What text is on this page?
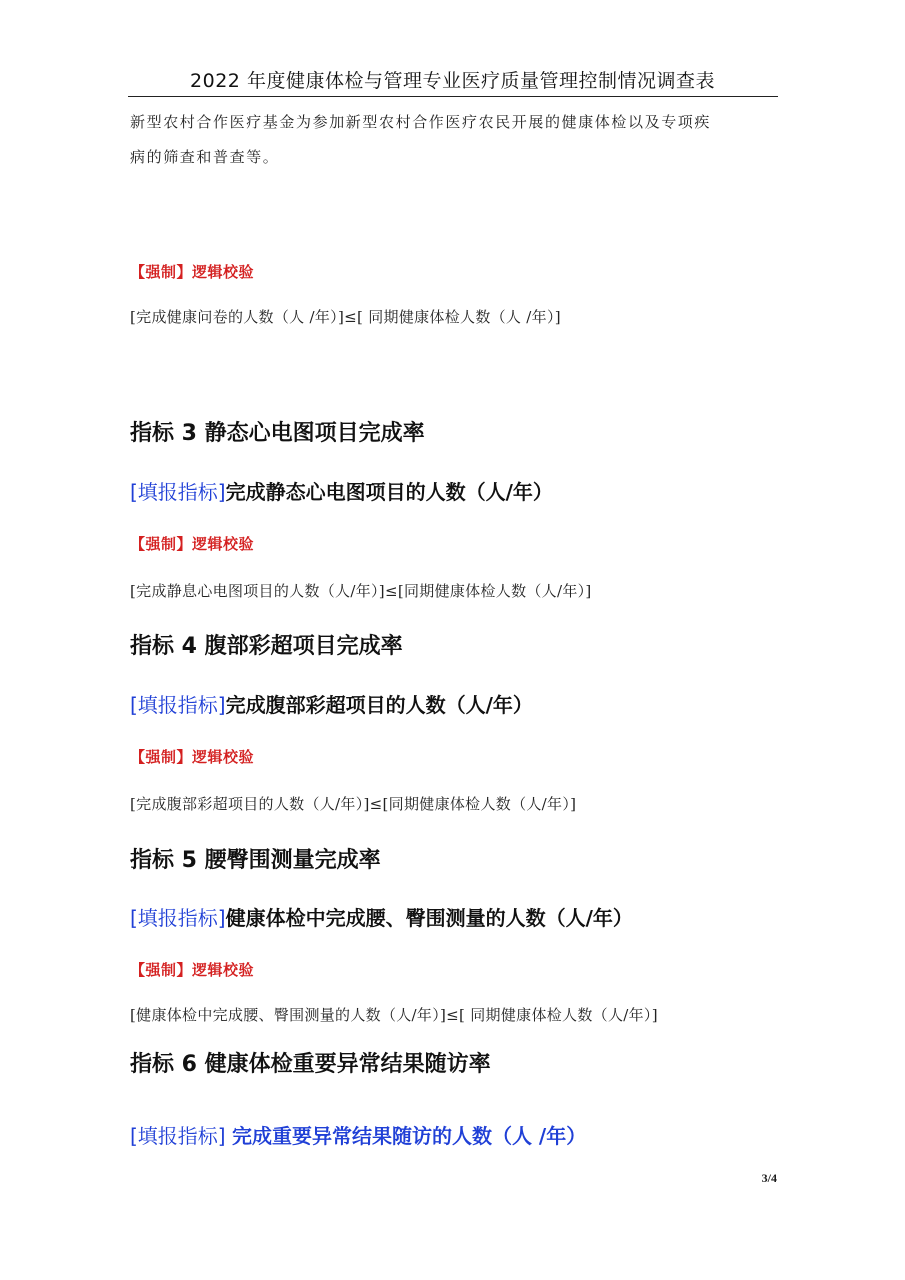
2022 年度健康体检与管理专业医疗质量管理控制情况调查表
新型农村合作医疗基金为参加新型农村合作医疗农民开展的健康体检以及专项疾
病的筛查和普查等。
【强制】逻辑校验
[完成健康问卷的人数（人 /年）]≤[ 同期健康体检人数（人 /年）]
指标 3 静态心电图项目完成率
[填报指标]完成静态心电图项目的人数（人/年）
【强制】逻辑校验
[完成静息心电图项目的人数（人/年）]≤[同期健康体检人数（人/年）]
指标 4 腹部彩超项目完成率
[填报指标]完成腹部彩超项目的人数（人/年）
【强制】逻辑校验
[完成腹部彩超项目的人数（人/年）]≤[同期健康体检人数（人/年）]
指标 5 腰臀围测量完成率
[填报指标]健康体检中完成腰、臀围测量的人数（人/年）
【强制】逻辑校验
[健康体检中完成腰、臀围测量的人数（人/年）]≤[ 同期健康体检人数（人/年）]
指标 6 健康体检重要异常结果随访率
[填报指标] 完成重要异常结果随访的人数（人 /年）
3/4
